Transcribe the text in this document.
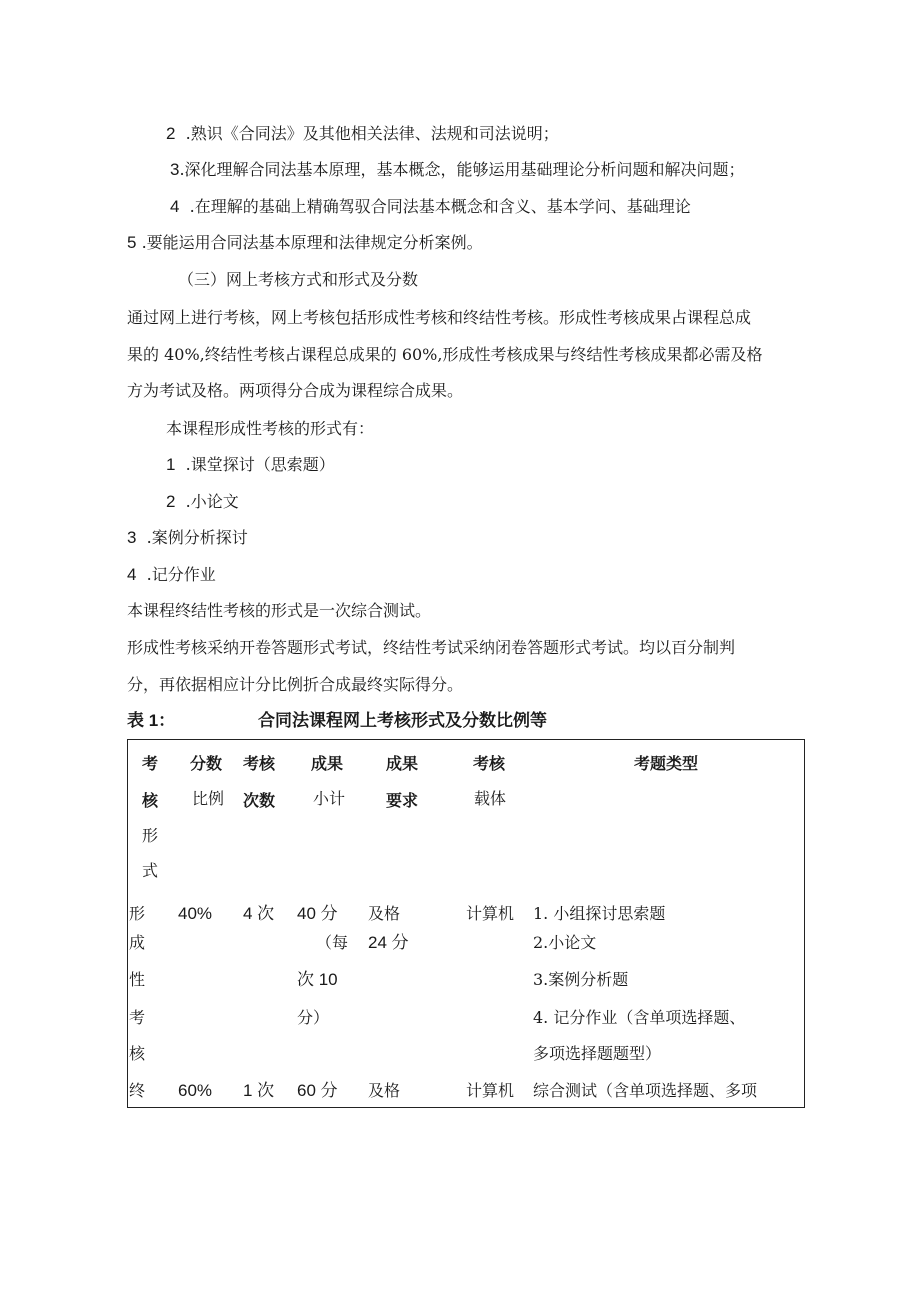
2 .熟识《合同法》及其他相关法律、法规和司法说明；
3.深化理解合同法基本原理，基本概念，能够运用基础理论分析问题和解决问题；
4 .在理解的基础上精确驾驭合同法基本概念和含义、基本学问、基础理论
5 .要能运用合同法基本原理和法律规定分析案例。
（三）网上考核方式和形式及分数
通过网上进行考核，网上考核包括形成性考核和终结性考核。形成性考核成果占课程总成
果的 40%,终结性考核占课程总成果的 60%,形成性考核成果与终结性考核成果都必需及格
方为考试及格。两项得分合成为课程综合成果。
本课程形成性考核的形式有：
1 .课堂探讨（思索题）
2 .小论文
3 .案例分析探讨
4 .记分作业
本课程终结性考核的形式是一次综合测试。
形成性考核采纳开卷答题形式考试，终结性考试采纳闭卷答题形式考试。均以百分制判
分，再依据相应计分比例折合成最终实际得分。
表 1：	合同法课程网上考核形式及分数比例等
考
核
形
式
分数
比例
考核
次数
成果
小计
成果
要求
考核
载体
考题类型
形
成
性
考
核
40% 4 次 40 分
（每
次 10
分）
及格
24 分
计算机 1. 小组探讨思索题
2.小论文
3.案例分析题
4. 记分作业（含单项选择题、
多项选择题题型）
终 60% 1 次 60 分 及格	计算机 综合测试（含单项选择题、多项
